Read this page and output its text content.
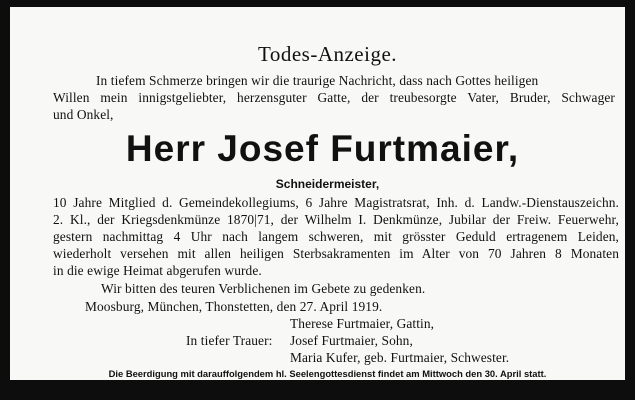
Todes-Anzeige.
In tiefem Schmerze bringen wir die traurige Nachricht, dass nach Gottes heiligen
Willen mein innigstgeliebter, herzensguter Gatte, der treubesorgte Vater, Bruder, Schwager
und Onkel,
Herr Josef Furtmaier,
Schneidermeister,
10 Jahre Mitglied d. Gemeindekollegiums, 6 Jahre Magistratsrat, Inh. d. Landw.-Dienstauszeichn.
2. Kl., der Kriegsdenkmünze 1870|71, der Wilhelm I. Denkmünze, Jubilar der Freiw. Feuerwehr,
gestern nachmittag 4 Uhr nach langem schweren, mit grösster Geduld ertragenem Leiden,
wiederholt versehen mit allen heiligen Sterbsakramenten im Alter von 70 Jahren 8 Monaten
in die ewige Heimat abgerufen wurde.
Wir bitten des teuren Verblichenen im Gebete zu gedenken.
Moosburg, München, Thonstetten, den 27. April 1919.
Therese Furtmaier, Gattin,
In tiefer Trauer: Josef Furtmaier, Sohn,
Maria Kufer, geb. Furtmaier, Schwester.
Die Beerdigung mit darauffolgendem hl. Seelengottesdienst findet am Mittwoch den 30. April statt.
